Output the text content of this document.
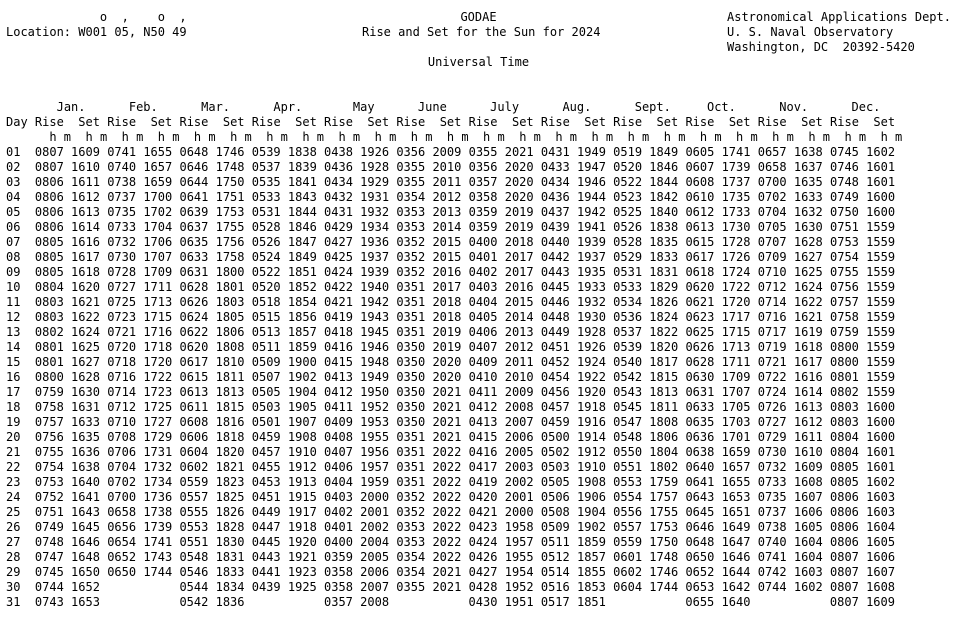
o  ,    o  ,
Location: W001 05, N50 49
GODAE
Rise and Set for the Sun for 2024
Astronomical Applications Dept.
U. S. Naval Observatory
Washington, DC  20392-5420
Universal Time
Jan.      Feb.      Mar.      Apr.       May      June      July      Aug.      Sept.     Oct.      Nov.      Dec.
Day Rise Set Rise Set Rise Set Rise Set Rise Set Rise Set Rise Set Rise Set Rise Set Rise Set Rise Set Rise Set
h m h m h m h m h m h m h m h m h m h m h m h m h m h m h m h m h m h m h m h m h m h m h m h m
01 0807 1609 0741 1655 0648 1746 0539 1838 0438 1926 0356 2009 0355 2021 0431 1949 0519 1849 0605 1741 0657 1638 0745 1602
02 0807 1610 0740 1657 0646 1748 0537 1839 0436 1928 0355 2010 0356 2020 0433 1947 0520 1846 0607 1739 0658 1637 0746 1601
03 0806 1611 0738 1659 0644 1750 0535 1841 0434 1929 0355 2011 0357 2020 0434 1946 0522 1844 0608 1737 0700 1635 0748 1601
04 0806 1612 0737 1700 0641 1751 0533 1843 0432 1931 0354 2012 0358 2020 0436 1944 0523 1842 0610 1735 0702 1633 0749 1600
05 0806 1613 0735 1702 0639 1753 0531 1844 0431 1932 0353 2013 0359 2019 0437 1942 0525 1840 0612 1733 0704 1632 0750 1600
06 0806 1614 0733 1704 0637 1755 0528 1846 0429 1934 0353 2014 0359 2019 0439 1941 0526 1838 0613 1730 0705 1630 0751 1559
07 0805 1616 0732 1706 0635 1756 0526 1847 0427 1936 0352 2015 0400 2018 0440 1939 0528 1835 0615 1728 0707 1628 0753 1559
08 0805 1617 0730 1707 0633 1758 0524 1849 0425 1937 0352 2015 0401 2017 0442 1937 0529 1833 0617 1726 0709 1627 0754 1559
09 0805 1618 0728 1709 0631 1800 0522 1851 0424 1939 0352 2016 0402 2017 0443 1935 0531 1831 0618 1724 0710 1625 0755 1559
10 0804 1620 0727 1711 0628 1801 0520 1852 0422 1940 0351 2017 0403 2016 0445 1933 0533 1829 0620 1722 0712 1624 0756 1559
11 0803 1621 0725 1713 0626 1803 0518 1854 0421 1942 0351 2018 0404 2015 0446 1932 0534 1826 0621 1720 0714 1622 0757 1559
12 0803 1622 0723 1715 0624 1805 0515 1856 0419 1943 0351 2018 0405 2014 0448 1930 0536 1824 0623 1717 0716 1621 0758 1559
13 0802 1624 0721 1716 0622 1806 0513 1857 0418 1945 0351 2019 0406 2013 0449 1928 0537 1822 0625 1715 0717 1619 0759 1559
14 0801 1625 0720 1718 0620 1808 0511 1859 0416 1946 0350 2019 0407 2012 0451 1926 0539 1820 0626 1713 0719 1618 0800 1559
15 0801 1627 0718 1720 0617 1810 0509 1900 0415 1948 0350 2020 0409 2011 0452 1924 0540 1817 0628 1711 0721 1617 0800 1559
16 0800 1628 0716 1722 0615 1811 0507 1902 0413 1949 0350 2020 0410 2010 0454 1922 0542 1815 0630 1709 0722 1616 0801 1559
17 0759 1630 0714 1723 0613 1813 0505 1904 0412 1950 0350 2021 0411 2009 0456 1920 0543 1813 0631 1707 0724 1614 0802 1559
18 0758 1631 0712 1725 0611 1815 0503 1905 0411 1952 0350 2021 0412 2008 0457 1918 0545 1811 0633 1705 0726 1613 0803 1600
19 0757 1633 0710 1727 0608 1816 0501 1907 0409 1953 0350 2021 0413 2007 0459 1916 0547 1808 0635 1703 0727 1612 0803 1600
20 0756 1635 0708 1729 0606 1818 0459 1908 0408 1955 0351 2021 0415 2006 0500 1914 0548 1806 0636 1701 0729 1611 0804 1600
21 0755 1636 0706 1731 0604 1820 0457 1910 0407 1956 0351 2022 0416 2005 0502 1912 0550 1804 0638 1659 0730 1610 0804 1601
22 0754 1638 0704 1732 0602 1821 0455 1912 0406 1957 0351 2022 0417 2003 0503 1910 0551 1802 0640 1657 0732 1609 0805 1601
23 0753 1640 0702 1734 0559 1823 0453 1913 0404 1959 0351 2022 0419 2002 0505 1908 0553 1759 0641 1655 0733 1608 0805 1602
24 0752 1641 0700 1736 0557 1825 0451 1915 0403 2000 0352 2022 0420 2001 0506 1906 0554 1757 0643 1653 0735 1607 0806 1603
25 0751 1643 0658 1738 0555 1826 0449 1917 0402 2001 0352 2022 0421 2000 0508 1904 0556 1755 0645 1651 0737 1606 0806 1603
26 0749 1645 0656 1739 0553 1828 0447 1918 0401 2002 0353 2022 0423 1958 0509 1902 0557 1753 0646 1649 0738 1605 0806 1604
27 0748 1646 0654 1741 0551 1830 0445 1920 0400 2004 0353 2022 0424 1957 0511 1859 0559 1750 0648 1647 0740 1604 0806 1605
28 0747 1648 0652 1743 0548 1831 0443 1921 0359 2005 0354 2022 0426 1955 0512 1857 0601 1748 0650 1646 0741 1604 0807 1606
29 0745 1650 0650 1744 0546 1833 0441 1923 0358 2006 0354 2021 0427 1954 0514 1855 0602 1746 0652 1644 0742 1603 0807 1607
30 0744 1652	0544 1834 0439 1925 0358 2007 0355 2021 0428 1952 0516 1853 0604 1744 0653 1642 0744 1602 0807 1608
31 0743 1653	0542 1836	0357 2008	0430 1951 0517 1851	0655 1640	0807 1609
